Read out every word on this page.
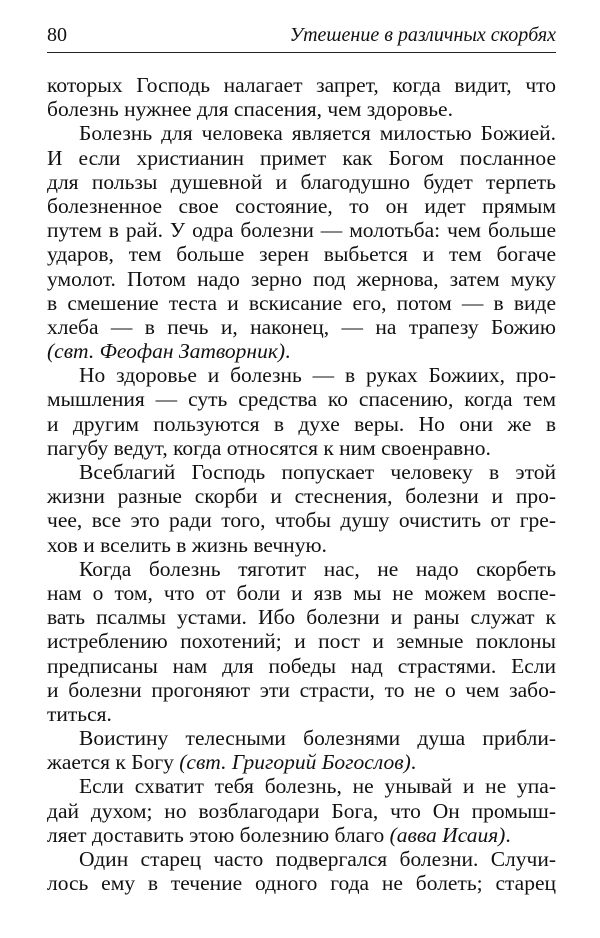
80	Утешение в различных скорбях
которых Господь налагает запрет, когда видит, что
болезнь нужнее для спасения, чем здоровье.
Болезнь для человека является милостью Божией.
И если христианин примет как Богом посланное
для пользы душевной и благодушно будет терпеть
болезненное свое состояние, то он идет прямым
путем в рай. У одра болезни — молотьба: чем больше
ударов, тем больше зерен выбьется и тем богаче
умолот. Потом надо зерно под жернова, затем муку
в смешение теста и вскисание его, потом — в виде
хлеба — в печь и, наконец, — на трапезу Божию
(свт. Феофан Затворник).
Но здоровье и болезнь — в руках Божиих, про-
мышления — суть средства ко спасению, когда тем
и другим пользуются в духе веры. Но они же в
пагубу ведут, когда относятся к ним своенравно.
Всеблагий Господь попускает человеку в этой
жизни разные скорби и стеснения, болезни и про-
чее, все это ради того, чтобы душу очистить от гре-
хов и вселить в жизнь вечную.
Когда болезнь тяготит нас, не надо скорбеть
нам о том, что от боли и язв мы не можем воспе-
вать псалмы устами. Ибо болезни и раны служат к
истреблению похотений; и пост и земные поклоны
предписаны нам для победы над страстями. Если
и болезни прогоняют эти страсти, то не о чем забо-
титься.
Воистину телесными болезнями душа прибли-
жается к Богу (свт. Григорий Богослов).
Если схватит тебя болезнь, не унывай и не упа-
дай духом; но возблагодари Бога, что Он промыш-
ляет доставить этою болезнию благо (авва Исаия).
Один старец часто подвергался болезни. Случи-
лось ему в течение одного года не болеть; старец
